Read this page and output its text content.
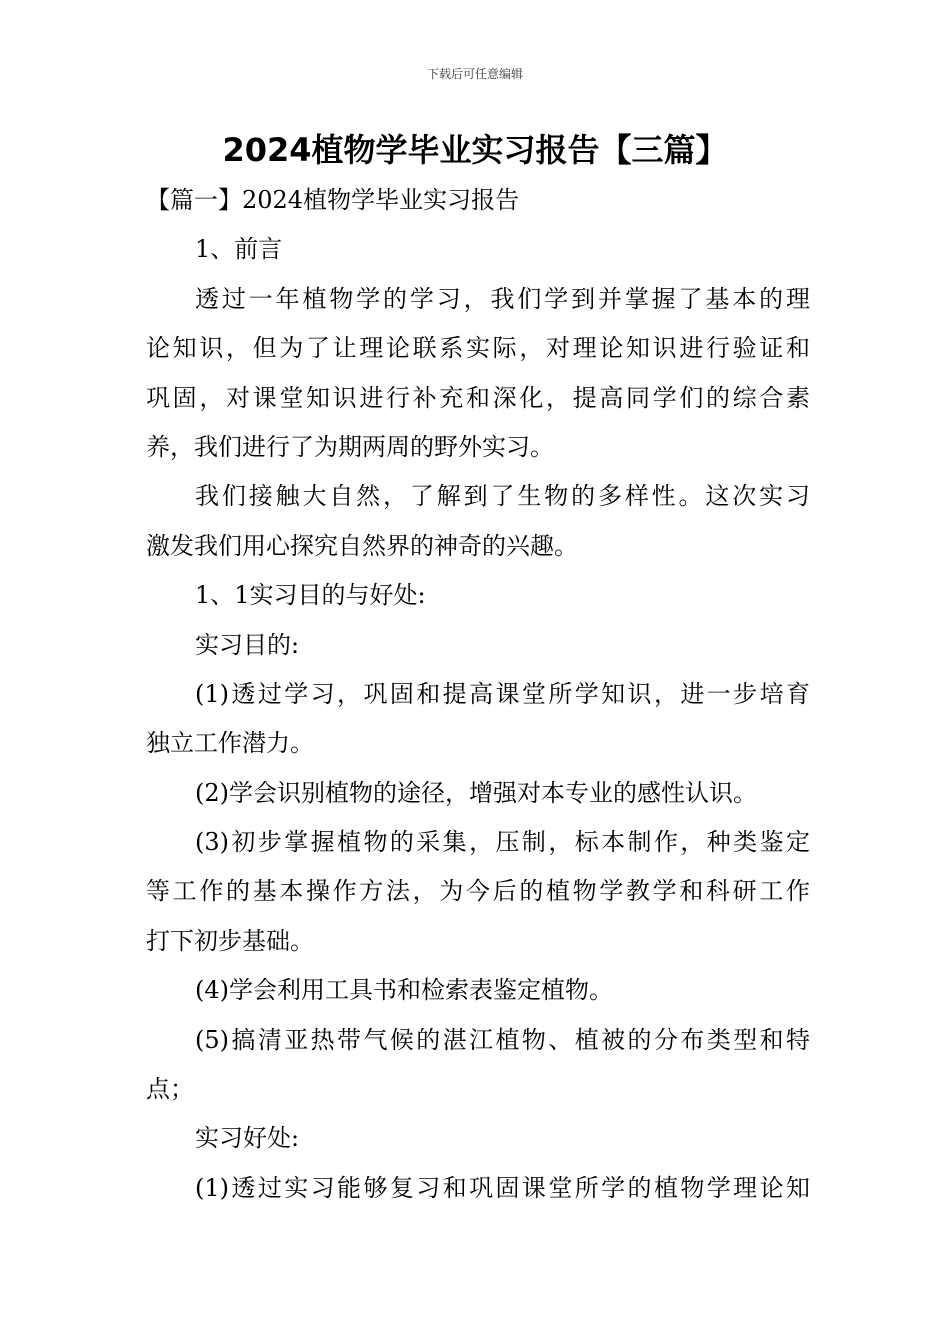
下载后可任意编辑
2024植物学毕业实习报告【三篇】

【篇一】2024植物学毕业实习报告

1、前言

透过一年植物学的学习，我们学到并掌握了基本的理

论知识，但为了让理论联系实际，对理论知识进行验证和

巩固，对课堂知识进行补充和深化，提高同学们的综合素

养，我们进行了为期两周的野外实习。

我们接触大自然，了解到了生物的多样性。这次实习

激发我们用心探究自然界的神奇的兴趣。

1、1实习目的与好处:

实习目的:

(1)透过学习，巩固和提高课堂所学知识，进一步培育

独立工作潜力。

(2)学会识别植物的途径，增强对本专业的感性认识。

(3)初步掌握植物的采集，压制，标本制作，种类鉴定

等工作的基本操作方法，为今后的植物学教学和科研工作

打下初步基础。

(4)学会利用工具书和检索表鉴定植物。

(5)搞清亚热带气候的湛江植物、植被的分布类型和特

点；

实习好处:

(1)透过实习能够复习和巩固课堂所学的植物学理论知
